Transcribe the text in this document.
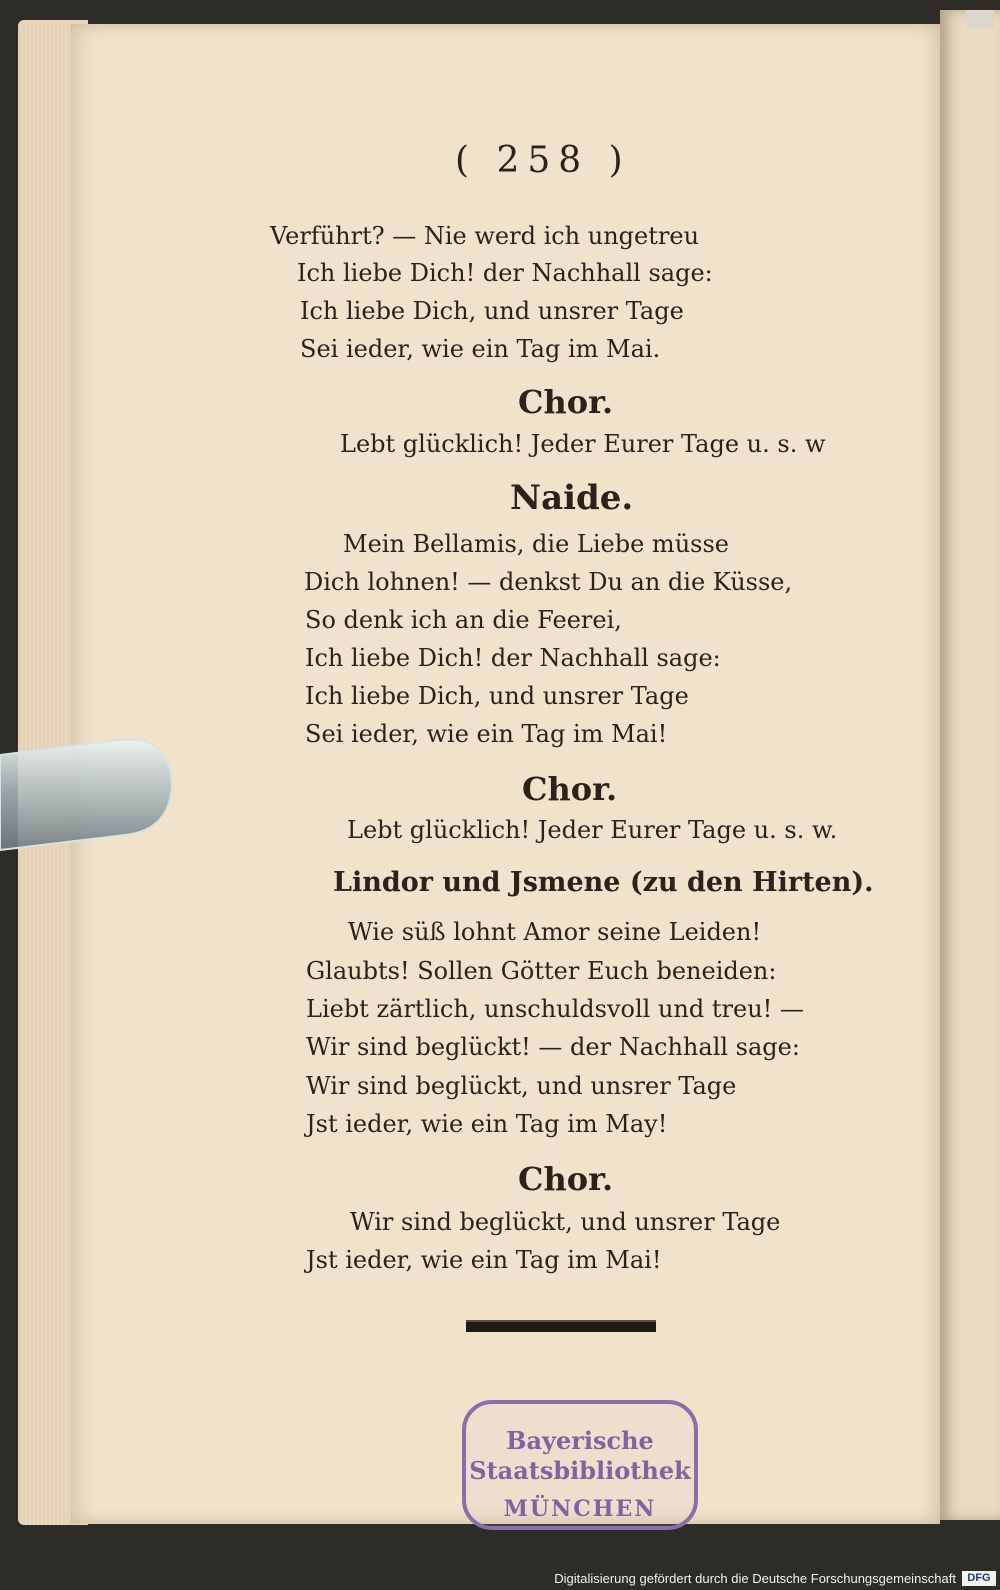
( 258 )
Verführt? — Nie werd ich ungetreu
Ich liebe Dich! der Nachhall sage:
Ich liebe Dich, und unsrer Tage
Sei ieder, wie ein Tag im Mai.
Chor.
Lebt glücklich! Jeder Eurer Tage u. s. w
Naide.
Mein Bellamis, die Liebe müsse
Dich lohnen! — denkst Du an die Küsse,
So denk ich an die Feerei,
Ich liebe Dich! der Nachhall sage:
Ich liebe Dich, und unsrer Tage
Sei ieder, wie ein Tag im Mai!
Chor.
Lebt glücklich! Jeder Eurer Tage u. s. w.
Lindor und Jsmene (zu den Hirten).
Wie süß lohnt Amor seine Leiden!
Glaubts! Sollen Götter Euch beneiden:
Liebt zärtlich, unschuldsvoll und treu! —
Wir sind beglückt! — der Nachhall sage:
Wir sind beglückt, und unsrer Tage
Jst ieder, wie ein Tag im May!
Chor.
Wir sind beglückt, und unsrer Tage
Jst ieder, wie ein Tag im Mai!
Bayerische
Staatsbibliothek
MÜNCHEN
Digitalisierung gefördert durch die Deutsche Forschungsgemeinschaft	DFG
